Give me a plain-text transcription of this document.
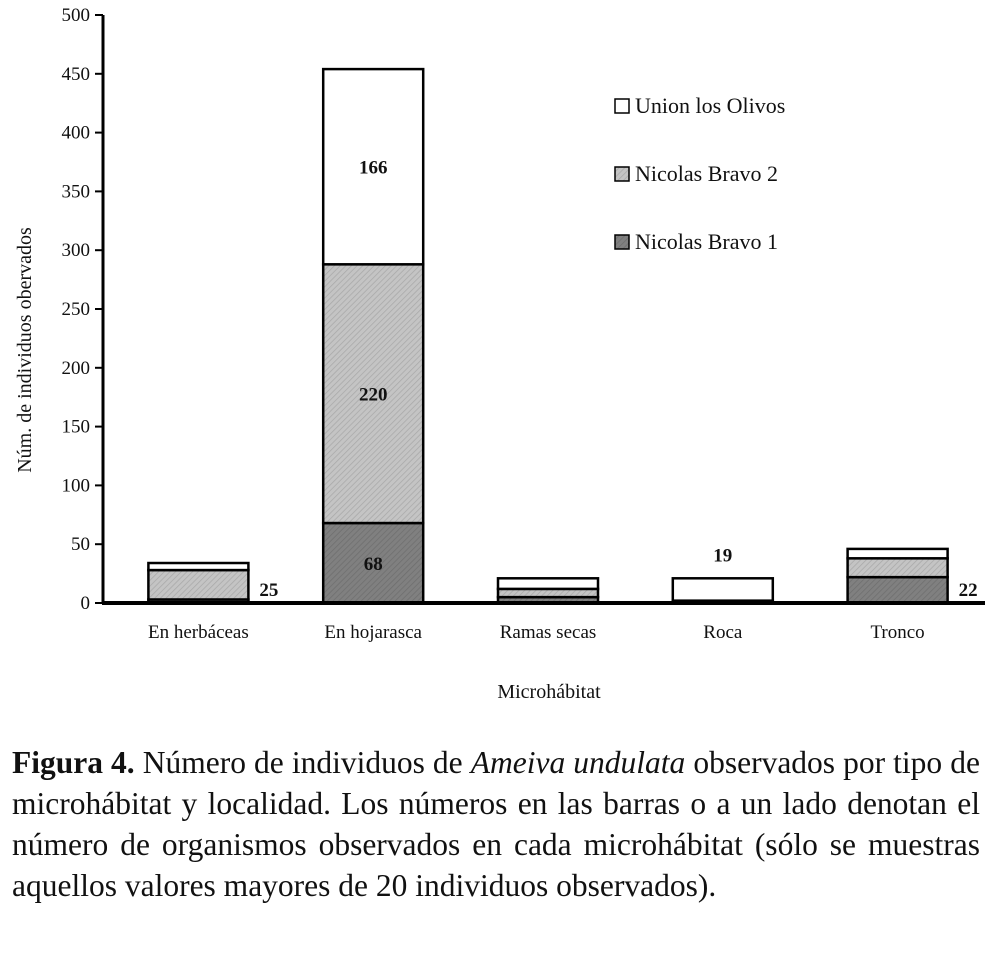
0
50
100
150
200
250
300
350
400
450
500
En herbáceas	En hojarasca	Ramas secas	Roca	Tronco
25
68
220
166
19
22
Union los Olivos
Nicolas Bravo 2
Nicolas Bravo 1
Núm. de individuos obervados
Microhábitat

Figura 4. Número de individuos de Ameiva undulata observados por tipo de microhábitat y localidad. Los números en las barras o a un lado denotan el número de organismos observados en cada microhábitat (sólo se muestras aquellos valores mayores de 20 individuos observados).
